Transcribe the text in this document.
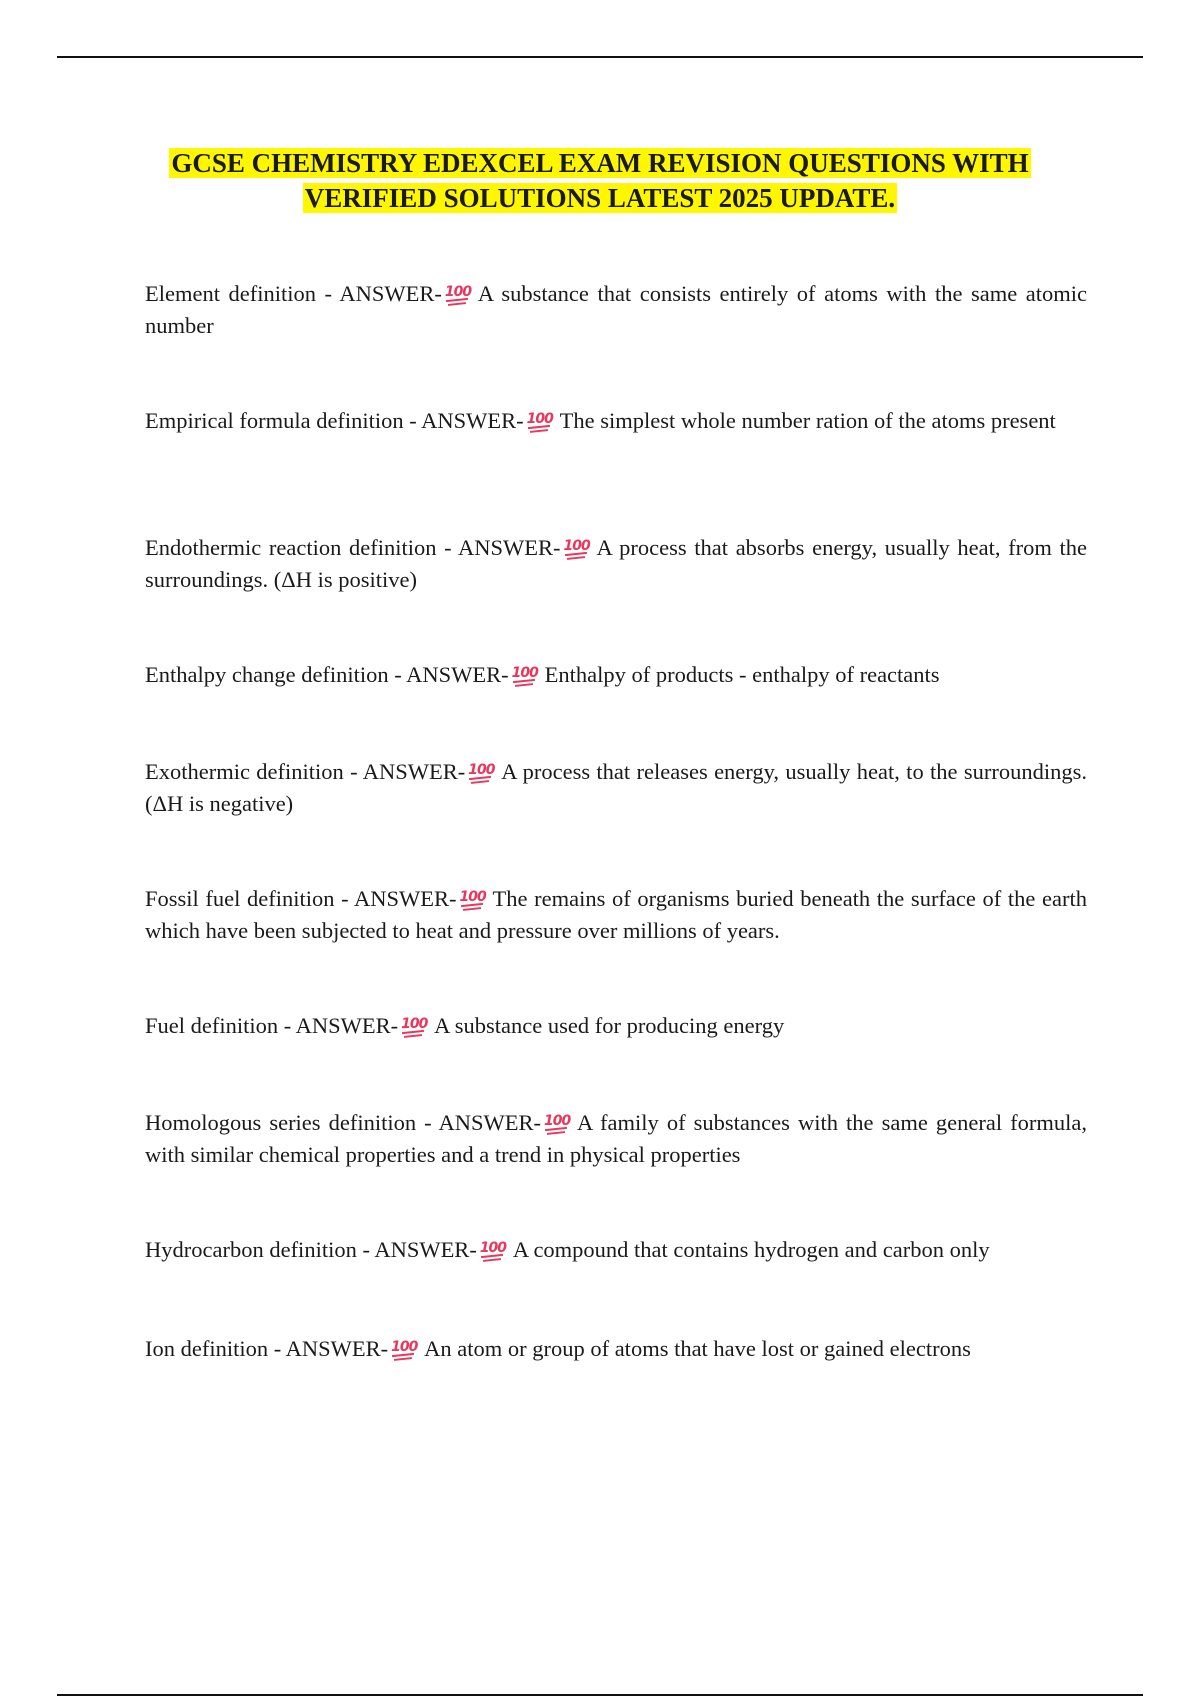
GCSE CHEMISTRY EDEXCEL EXAM REVISION QUESTIONS WITH
VERIFIED SOLUTIONS LATEST 2025 UPDATE.
Element definition - ANSWER- 100 A substance that consists entirely of atoms with the same atomic number
Empirical formula definition - ANSWER- 100 The simplest whole number ration of the atoms present
Endothermic reaction definition - ANSWER- 100 A process that absorbs energy, usually heat, from the surroundings. (ΔH is positive)
Enthalpy change definition - ANSWER- 100 Enthalpy of products - enthalpy of reactants
Exothermic definition - ANSWER- 100 A process that releases energy, usually heat, to the surroundings. (ΔH is negative)
Fossil fuel definition - ANSWER- 100 The remains of organisms buried beneath the surface of the earth which have been subjected to heat and pressure over millions of years.
Fuel definition - ANSWER- 100 A substance used for producing energy
Homologous series definition - ANSWER- 100 A family of substances with the same general formula, with similar chemical properties and a trend in physical properties
Hydrocarbon definition - ANSWER- 100 A compound that contains hydrogen and carbon only
Ion definition - ANSWER- 100 An atom or group of atoms that have lost or gained electrons
